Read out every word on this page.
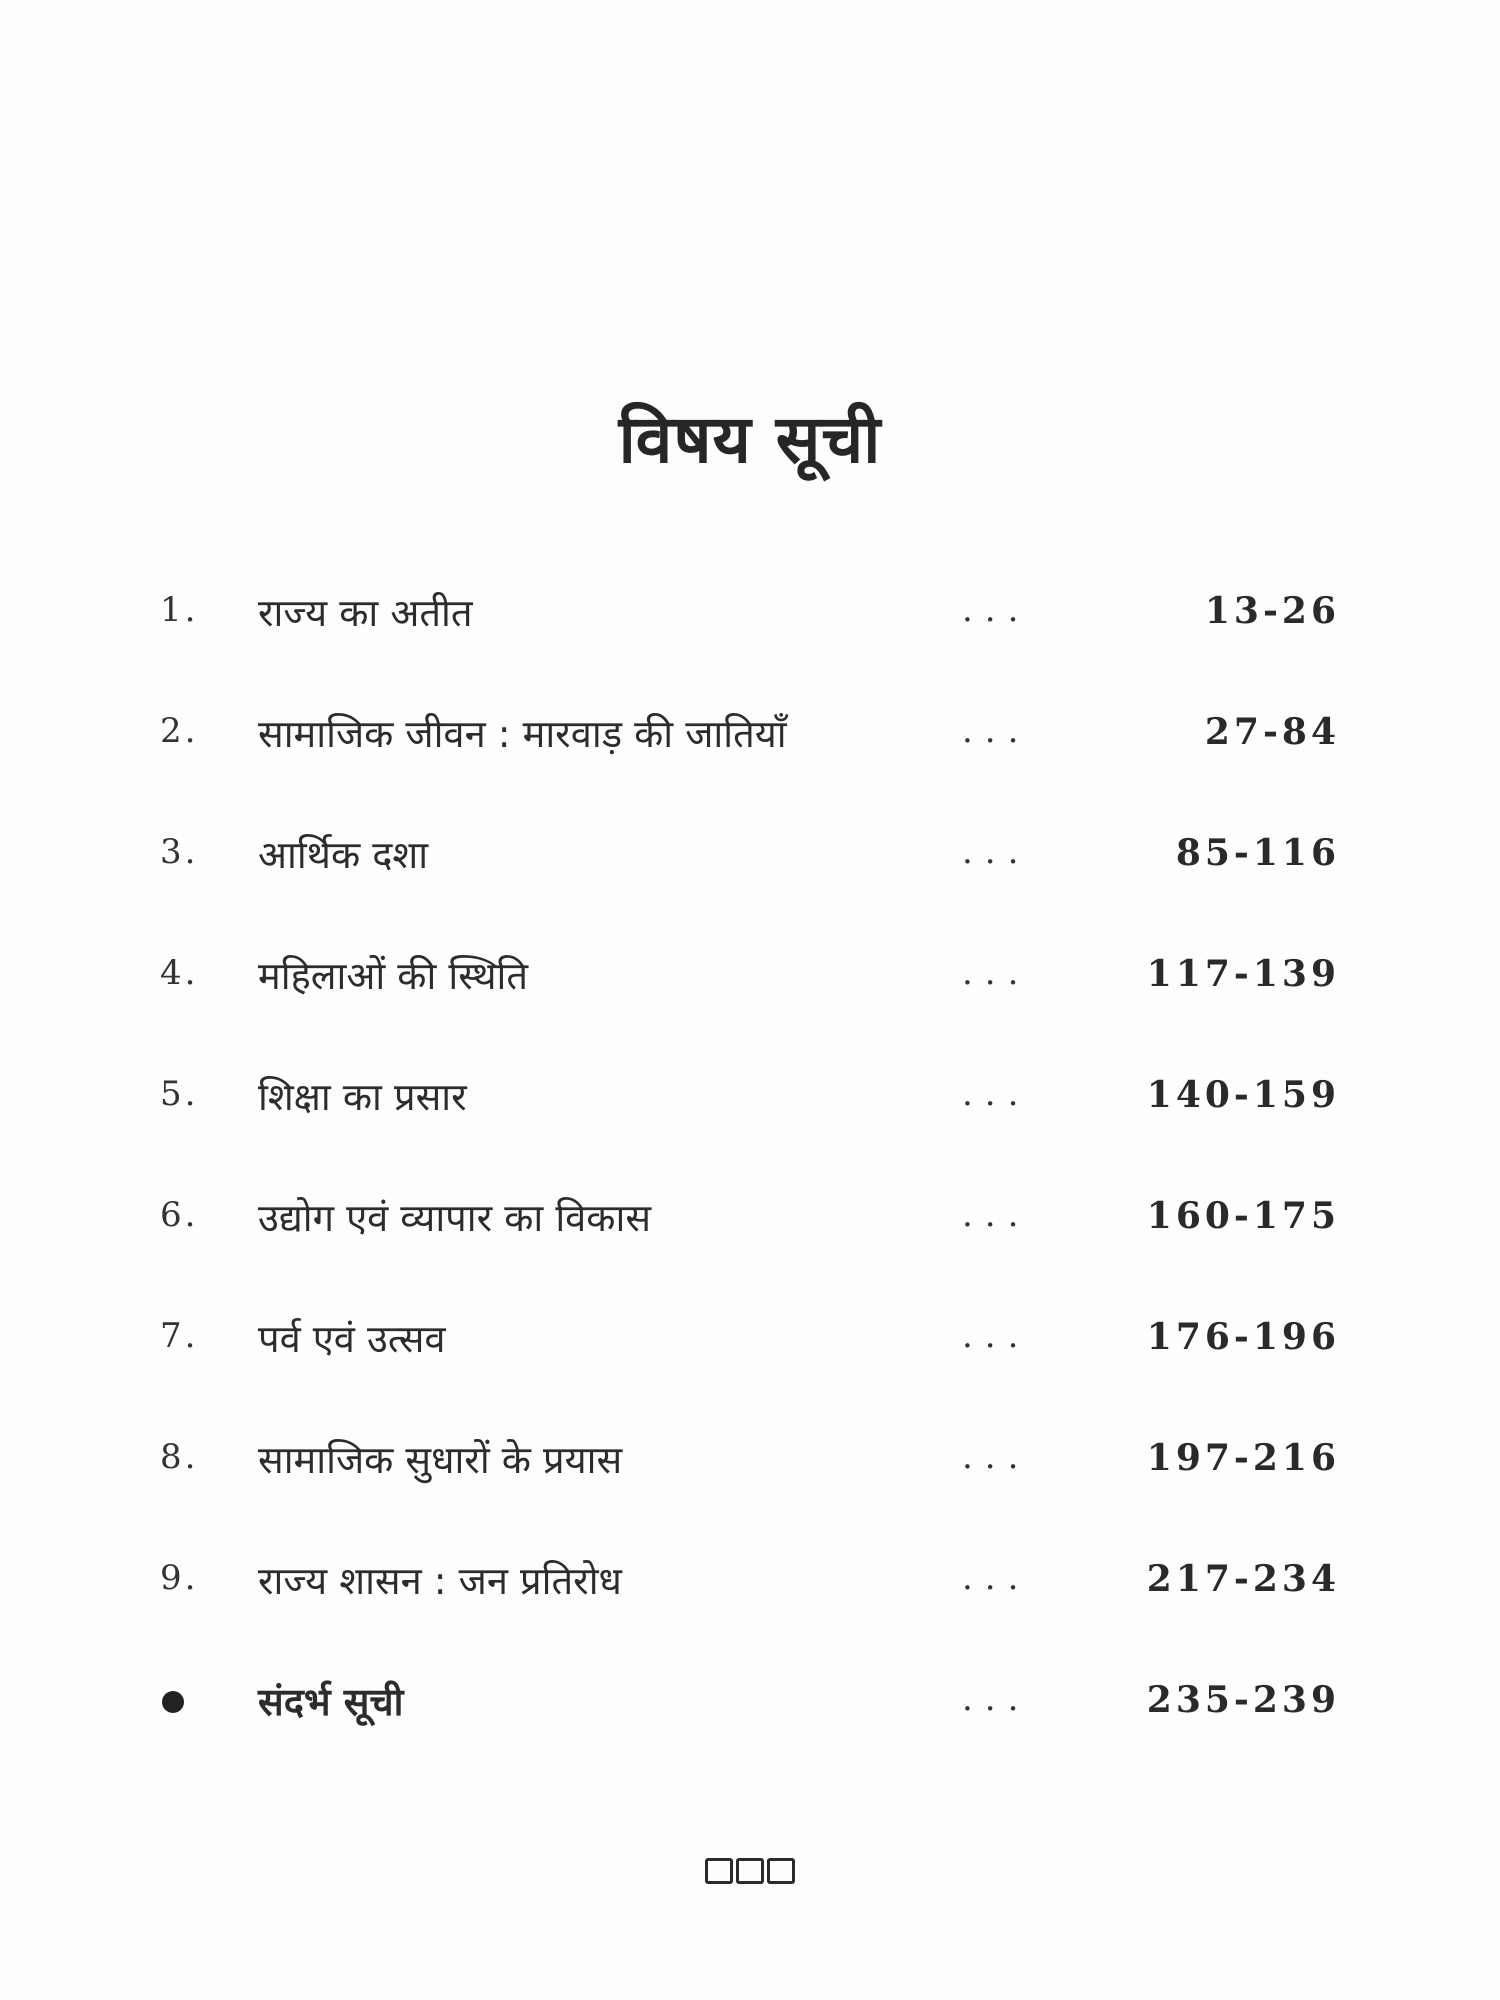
विषय सूची
1. राज्य का अतीत	...	13-26
2. सामाजिक जीवन : मारवाड़ की जातियाँ	...	27-84
3. आर्थिक दशा	...	85-116
4. महिलाओं की स्थिति	...	117-139
5. शिक्षा का प्रसार	...	140-159
6. उद्योग एवं व्यापार का विकास	...	160-175
7. पर्व एवं उत्सव	...	176-196
8. सामाजिक सुधारों के प्रयास	...	197-216
9. राज्य शासन : जन प्रतिरोध	...	217-234
संदर्भ सूची	...	235-239
